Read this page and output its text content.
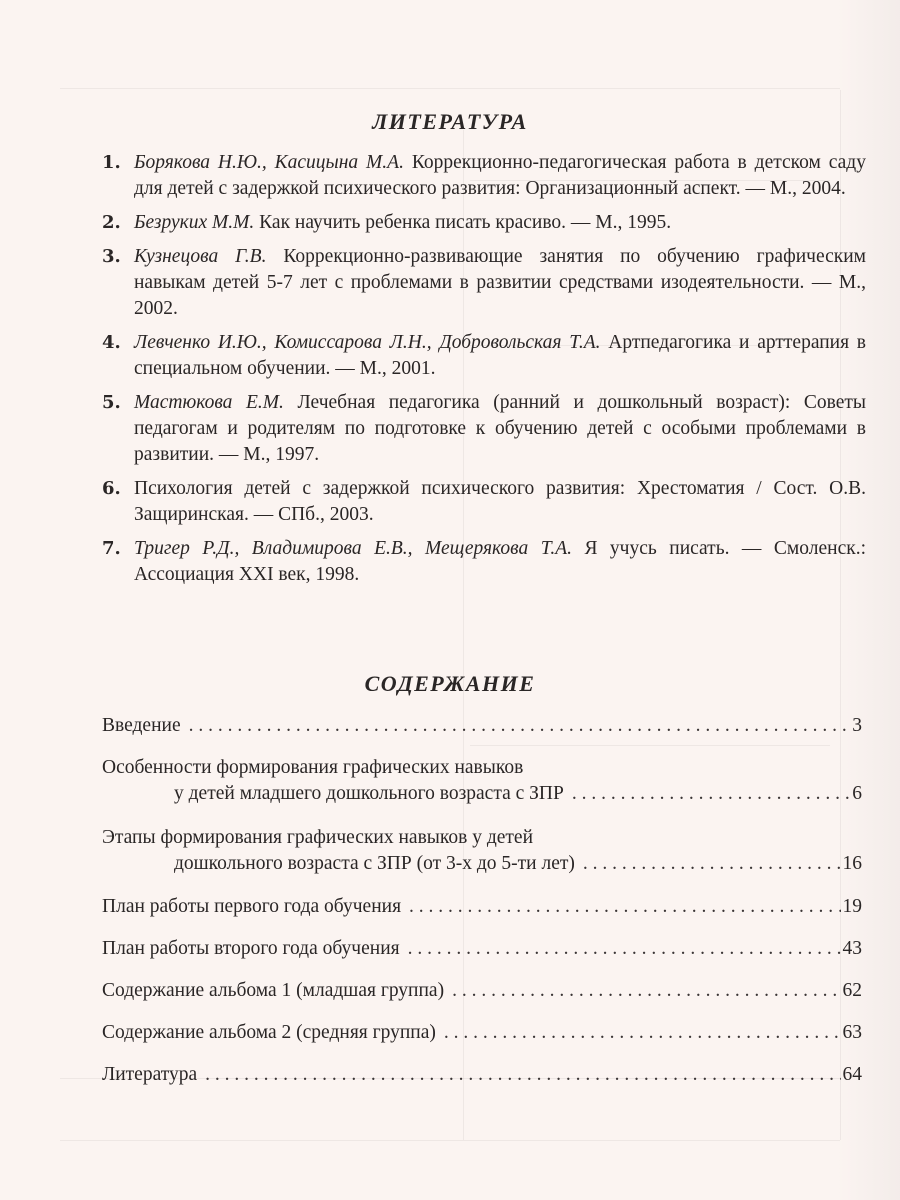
ЛИТЕРАТУРА
1. Борякова Н.Ю., Касицына М.А. Коррекционно-педагогическая работа в детском саду для детей с задержкой психического развития: Организационный аспект. — М., 2004.
2. Безруких М.М. Как научить ребенка писать красиво. — М., 1995.
3. Кузнецова Г.В. Коррекционно-развивающие занятия по обучению графическим навыкам детей 5-7 лет с проблемами в развитии средствами изодеятельности. — М., 2002.
4. Левченко И.Ю., Комиссарова Л.Н., Добровольская Т.А. Артпедагогика и арттерапия в специальном обучении. — М., 2001.
5. Мастюкова Е.М. Лечебная педагогика (ранний и дошкольный возраст): Советы педагогам и родителям по подготовке к обучению детей с особыми проблемами в развитии. — М., 1997.
6. Психология детей с задержкой психического развития: Хрестоматия / Сост. О.В. Защиринская. — СПб., 2003.
7. Тригер Р.Д., Владимирова Е.В., Мещерякова Т.А. Я учусь писать. — Смоленск.: Ассоциация XXI век, 1998.
СОДЕРЖАНИЕ
Введение . . .	3
Особенности формирования графических навыков
у детей младшего дошкольного возраста с ЗПР . . .	6
Этапы формирования графических навыков у детей
дошкольного возраста с ЗПР (от 3-х до 5-ти лет) . . .	16
План работы первого года обучения . . .	19
План работы второго года обучения . . .	43
Содержание альбома 1 (младшая группа) . . .	62
Содержание альбома 2 (средняя группа) . . .	63
Литература . . .	64
